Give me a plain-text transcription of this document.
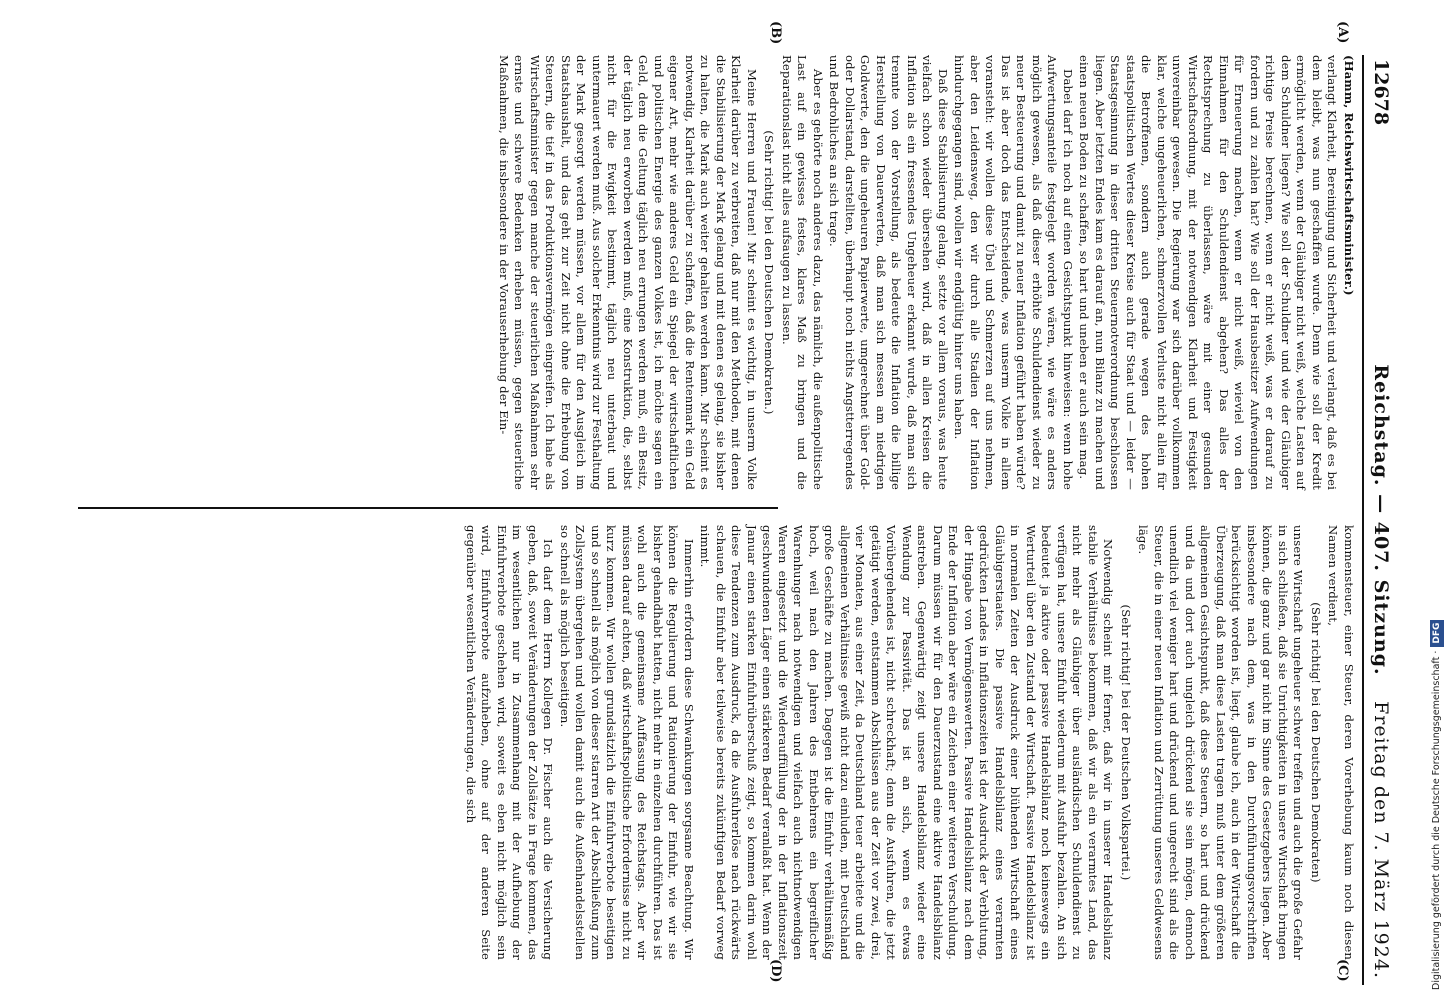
12678
Reichstag. — 407. Sitzung.
Freitag den 7. März 1924.
(A)
(B)
(C)
(D)

(Hamm, Reichswirtschaftsminister.)

verlangt Klarheit, Bereinigung und Sicherheit und verlangt, daß es bei dem bleibt, was nun geschaffen wurde. Denn wie soll der Kredit ermöglicht werden, wenn der Gläubiger nicht weiß, welche Lasten auf dem Schuldner liegen? Wie soll der Schuldner und wie der Gläubiger richtige Preise berechnen, wenn er nicht weiß, was er darauf zu fordern und zu zahlen hat? Wie soll der Hausbesitzer Aufwendungen für Erneuerung machen, wenn er nicht weiß, wieviel von den Einnahmen für den Schuldendienst abgehen? Das alles der Rechtsprechung zu überlassen, wäre mit einer gesunden Wirtschaftsordnung, mit der notwendigen Klarheit und Festigkeit unvereinbar gewesen. Die Regierung war sich darüber vollkommen klar, welche ungeheuerlichen, schmerzvollen Verluste nicht allein für die Betroffenen, sondern auch gerade wegen des hohen staatspolitischen Wertes dieser Kreise auch für Staat und — leider — Staatsgesinnung in dieser dritten Steuernotverordnung beschlossen liegen. Aber letzten Endes kam es darauf an, nun Bilanz zu machen und einen neuen Boden zu schaffen, so hart und uneben er auch sein mag.

Dabei darf ich noch auf einen Gesichtspunkt hinweisen: wenn hohe Aufwertungsanteile festgelegt worden wären, wie wäre es anders möglich gewesen, als daß dieser erhöhte Schuldendienst wieder zu neuer Besteuerung und damit zu neuer Inflation geführt haben würde? Das ist aber doch das Entscheidende, was unserm Volke in allem voransteht: wir wollen diese Übel und Schmerzen auf uns nehmen, aber den Leidensweg, den wir durch alle Stadien der Inflation hindurchgegangen sind, wollen wir endgültig hinter uns haben.

Daß diese Stabilisierung gelang, setzte vor allem voraus, was heute vielfach schon wieder übersehen wird, daß in allen Kreisen die Inflation als ein fressendes Ungeheuer erkannt wurde, daß man sich trennte von der Vorstellung, als bedeute die Inflation die billige Herstellung von Dauerwerten, daß man sich messen am niedrigen Goldwerte, den die ungeheuren Papierwerte, umgerechnet über Gold- oder Dollarstand, darstellten, überhaupt noch nichts Angstterregendes und Bedrohliches an sich trage.

Aber es gehörte noch anderes dazu, das nämlich, die außenpolitische Last auf ein gewisses festes, klares Maß zu bringen und die Reparationslast nicht alles aufsaugen zu lassen.

(Sehr richtig! bei den Deutschen Demokraten.)

Meine Herren und Frauen! Mir scheint es wichtig, in unserm Volke Klarheit darüber zu verbreiten, daß nur mit den Methoden, mit denen die Stabilisierung der Mark gelang und mit denen es gelang, sie bisher zu halten, die Mark auch weiter gehalten werden kann. Mir scheint es notwendig, Klarheit darüber zu schaffen, daß die Rentenmark ein Geld eigener Art, mehr wie anderes Geld ein Spiegel der wirtschaftlichen und politischen Energie des ganzen Volkes ist, ich möchte sagen ein Geld, dem die Geltung täglich neu errungen werden muß, ein Besitz, der täglich neu erworben werden muß, eine Konstruktion, die, selbst nicht für die Ewigkeit bestimmt, täglich neu unterbaut und untermauert werden muß. Aus solcher Erkenntnis wird zur Festhaltung der Mark gesorgt werden müssen, vor allem für den Ausgleich im Staatshaushalt, und das geht zur Zeit nicht ohne die Erhebung von Steuern, die tief in das Produktionsvermögen eingreifen. Ich habe als Wirtschaftsminister gegen manche der steuerlichen Maßnahmen sehr ernste und schwere Bedenken erheben müssen, gegen steuerliche Maßnahmen, die insbesondere in der Vorauserhebung der Ein-

kommensteuer, einer Steuer, deren Vorerhebung kaum noch diesen Namen verdient,

(Sehr richtig! bei den Deutschen Demokraten)

unsere Wirtschaft ungeheuer schwer treffen und auch die große Gefahr in sich schließen, daß sie Unrichtigkeiten in unsere Wirtschaft bringen können, die ganz und gar nicht im Sinne des Gesetzgebers liegen. Aber insbesondere nach dem, was in den Durchführungsvorschriften berücksichtigt worden ist, liegt, glaube ich, auch in der Wirtschaft die Überzeugung, daß man diese Lasten tragen muß unter dem größeren allgemeinen Gesichtspunkt, daß diese Steuern, so hart und drückend und da und dort auch ungleich drückend sie sein mögen, dennoch unendlich viel weniger hart und drückend und ungerecht sind als die Steuer, die in einer neuen Inflation und Zerrüttung unseres Geldwesens läge.

(Sehr richtig! bei der Deutschen Volkspartei.)

Notwendig scheint mir ferner, daß wir in unserer Handelsbilanz stabile Verhältnisse bekommen, daß wir als ein verarmtes Land, das nicht mehr als Gläubiger über ausländischen Schuldendienst zu verfügen hat, unsere Einfuhr wiederum mit Ausfuhr bezahlen. An sich bedeutet ja aktive oder passive Handelsbilanz noch keineswegs ein Werturteil über den Zustand der Wirtschaft. Passive Handelsbilanz ist in normalen Zeiten der Ausdruck einer blühenden Wirtschaft eines Gläubigerstaates. Die passive Handelsbilanz eines verarmten gedrückten Landes in Inflationszeiten ist der Ausdruck der Verblutung, der Hingabe von Vermögenswerten. Passive Handelsbilanz nach dem Ende der Inflation aber wäre ein Zeichen einer weiteren Verschuldung. Darum müssen wir für den Dauerzustand eine aktive Handelsbilanz anstreben. Gegenwärtig zeigt unsere Handelsbilanz wieder eine Wendung zur Passivität. Das ist an sich, wenn es etwas Vorübergehendes ist, nicht schreckhaft; denn die Ausfuhren, die jetzt getätigt werden, entstammen Abschlüssen aus der Zeit vor zwei, drei, vier Monaten, aus einer Zeit, da Deutschland teuer arbeitete und die allgemeinen Verhältnisse gewiß nicht dazu einluden, mit Deutschland große Geschäfte zu machen. Dagegen ist die Einfuhr verhältnismäßig hoch, weil nach den Jahren des Entbehrens ein begreiflicher Warenhunger nach notwendigen und vielfach auch nichtnotwendigen Waren eingesetzt und die Wiederauffüllung der in der Inflationszeit geschwundenen Läger einen stärkeren Bedarf veranlaßt hat. Wenn der Januar einen starken Einfuhrüberschuß zeigt, so kommen darin wohl diese Tendenzen zum Ausdruck, da die Ausfuhrerlöse nach rückwärts schauen, die Einfuhr aber teilweise bereits zukünftigen Bedarf vorweg nimmt.

Immerhin erfordern diese Schwankungen sorgsame Beachtung. Wir können die Regulierung und Rationierung der Einfuhr, wie wir sie bisher gehandhabt hatten, nicht mehr in einzelnen durchführen. Das ist wohl auch die gemeinsame Auffassung des Reichstags. Aber wir müssen darauf achten, daß wirtschaftspolitische Erfordernisse nicht zu kurz kommen. Wir wollen grundsätzlich die Einfuhrverbote beseitigen und so schnell als möglich von dieser starren Art der Abschließung zum Zollsystem übergehen und wollen damit auch die Außenhandelsstellen so schnell als möglich beseitigen.

Ich darf dem Herrn Kollegen Dr. Fischer auch die Versicherung geben, daß, soweit Veränderungen der Zollsätze in Frage kommen, das im wesentlichen nur in Zusammenhang mit der Aufhebung der Einfuhrverbote geschehen wird, soweit es eben nicht möglich sein wird, Einfuhrverbote aufzuheben, ohne auf der anderen Seite gegenüber wesentlichen Veränderungen, die sich	Digitalisierung gefördert durch die Deutsche Forschungsgemeinschaft ·DFG
